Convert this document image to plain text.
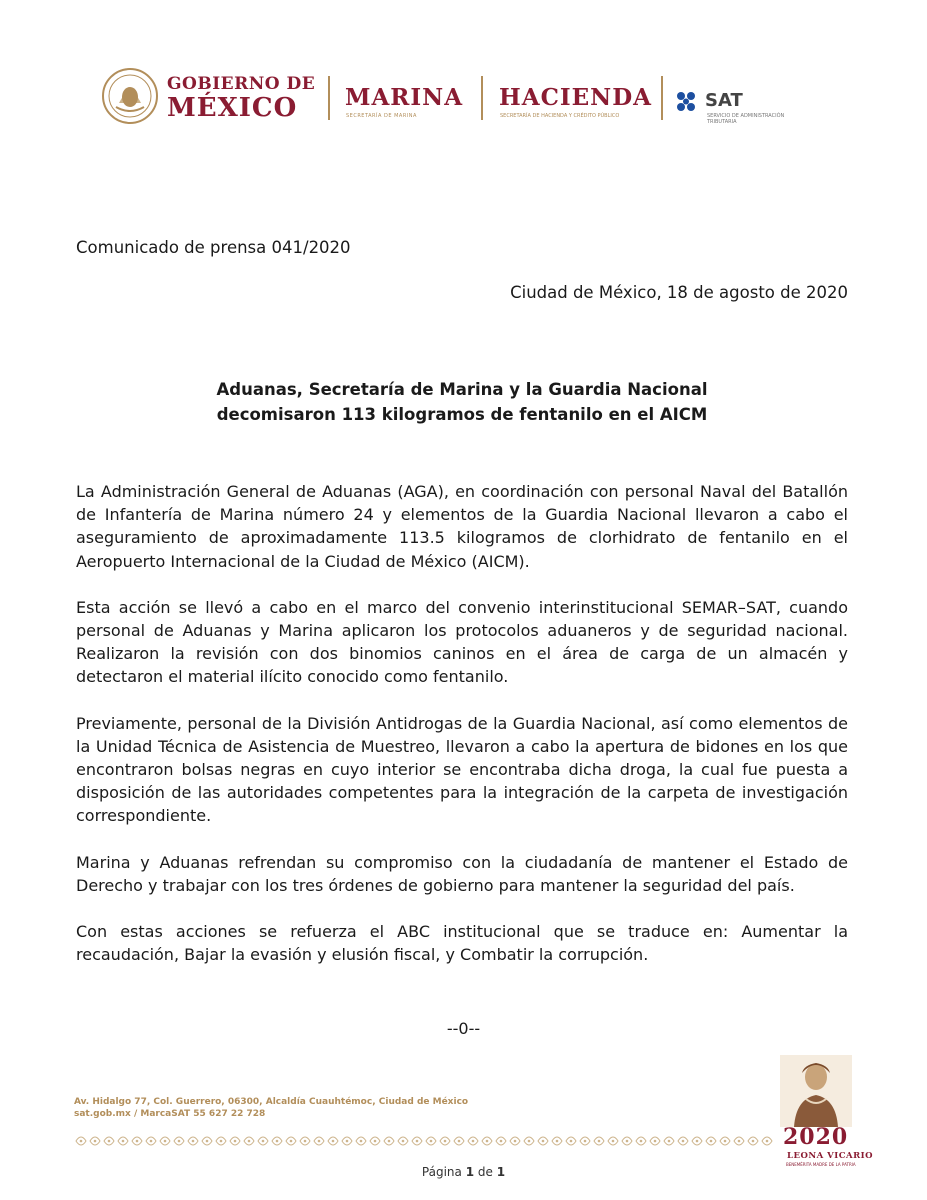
GOBIERNO DE
MÉXICO	MARINA
SECRETARÍA DE MARINA
HACIENDA
SECRETARÍA DE HACIENDA Y CRÉDITO PÚBLICO
SAT
SERVICIO DE ADMINISTRACIÓN TRIBUTARIA
Comunicado de prensa 041/2020
Ciudad de México, 18 de agosto de 2020
Aduanas, Secretaría de Marina y la Guardia Nacional
decomisaron 113 kilogramos de fentanilo en el AICM

La Administración General de Aduanas (AGA), en coordinación con personal Naval del Batallón de Infantería de Marina número 24 y elementos de la Guardia Nacional llevaron a cabo el aseguramiento de aproximadamente 113.5 kilogramos de clorhidrato de fentanilo en el Aeropuerto Internacional de la Ciudad de México (AICM).

Esta acción se llevó a cabo en el marco del convenio interinstitucional SEMAR–SAT, cuando personal de Aduanas y Marina aplicaron los protocolos aduaneros y de seguridad nacional. Realizaron la revisión con dos binomios caninos en el área de carga de un almacén y detectaron el material ilícito conocido como fentanilo.

Previamente, personal de la División Antidrogas de la Guardia Nacional, así como elementos de la Unidad Técnica de Asistencia de Muestreo, llevaron a cabo la apertura de bidones en los que encontraron bolsas negras en cuyo interior se encontraba dicha droga, la cual fue puesta a disposición de las autoridades competentes para la integración de la carpeta de investigación correspondiente.

Marina y Aduanas refrendan su compromiso con la ciudadanía de mantener el Estado de Derecho y trabajar con los tres órdenes de gobierno para mantener la seguridad del país.

Con estas acciones se refuerza el ABC institucional que se traduce en: Aumentar la recaudación, Bajar la evasión y elusión fiscal, y Combatir la corrupción.

--0--
Av. Hidalgo 77, Col. Guerrero, 06300, Alcaldía Cuauhtémoc, Ciudad de México
sat.gob.mx / MarcaSAT 55 627 22 728
2020
LEONA VICARIO
BENEMÉRITA MADRE DE LA PATRIA
Página 1 de 1
